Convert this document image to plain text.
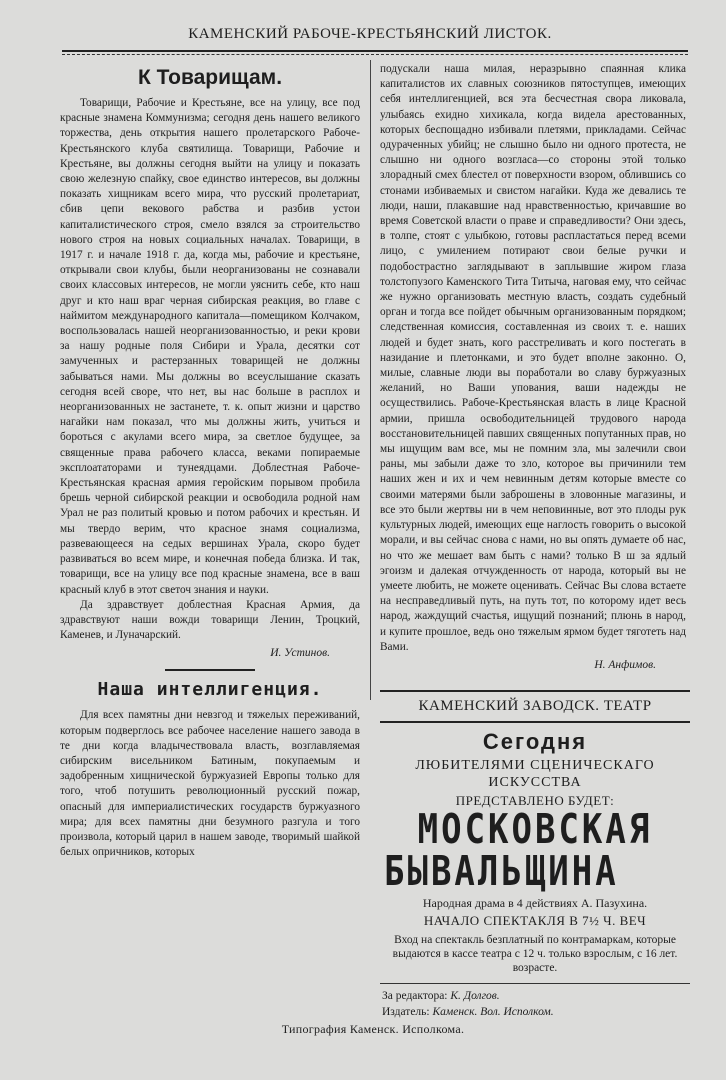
КАМЕНСКИЙ РАБОЧЕ-КРЕСТЬЯНСКИЙ ЛИСТОК.
К Товарищам.

Товарищи, Рабочие и Крестьяне, все на улицу, все под красные знамена Коммунизма; сегодня день нашего великого торжества, день открытия нашего пролетарского Рабоче-Крестьянского клуба святилища. Товарищи, Рабочие и Крестьяне, вы должны сегодня выйти на улицу и показать свою железную спайку, свое единство интересов, вы должны показать хищникам всего мира, что русский пролетариат, сбив цепи векового рабства и разбив устои капиталистического строя, смело взялся за строительство нового строя на новых социальных началах. Товарищи, в 1917 г. и начале 1918 г. да, когда мы, рабочие и крестьяне, открывали свои клубы, были неорганизованы не сознавали своих классовых интересов, не могли уяснить себе, кто наш друг и кто наш враг черная сибирская реакция, во главе с наймитом международного капитала—помещиком Колчаком, воспользовалась нашей неорганизованностью, и реки крови за нашу родные поля Сибири и Урала, десятки сот замученных и растерзанных товарищей не должны забываться нами. Мы должны во всеуслышание сказать сегодня всей своре, что нет, вы нас больше в расплох и неорганизованных не застанете, т. к. опыт жизни и царство нагайки нам показал, что мы должны жить, учиться и бороться с акулами всего мира, за светлое будущее, за священные права рабочего класса, веками попираемые эксплоататорами и тунеядцами. Доблестная Рабоче-Крестьянская красная армия геройским порывом пробила брешь черной сибирской реакции и освободила родной нам Урал не раз политый кровью и потом рабочих и крестьян. И мы твердо верим, что красное знамя социализма, развевающееся на седых вершинах Урала, скоро будет развиваться во всем мире, и конечная победа близка. И так, товарищи, все на улицу все под красные знамена, все в ваш красный клуб в этот светоч знания и науки.

Да здравствует доблестная Красная Армия, да здравствуют наши вожди товарищи Ленин, Троцкий, Каменев, и Луначарский.

И. Устинов.
Наша интеллигенция.

Для всех памятны дни невзгод и тяжелых переживаний, которым подверглось все рабочее население нашего завода в те дни когда владычествовала власть, возглавляемая сибирским висельником Батиным, покупаемым и задобренным хищнической буржуазией Европы только для того, чтоб потушить революционный русский пожар, опасный для империалистических государств буржуазного мира; для всех памятны дни безумного разгула и того произвола, который царил в нашем заводе, творимый шайкой белых опричников, которых

подускали наша милая, неразрывно спаянная клика капиталистов их славных союзников пятоступцев, имеющих себя интеллигенцией, вся эта бесчестная свора ликовала, улыбаясь ехидно хихикала, когда видела арестованных, которых беспощадно избивали плетями, прикладами. Сейчас одураченных убийц; не слышно было ни одного протеста, не слышно ни одного возгласа—со стороны этой только злорадный смех блестел от поверхности взором, облившись со стонами избиваемых и свистом нагайки. Куда же девались те люди, наши, плакавшие над нравственностью, кричавшие во время Советской власти о праве и справедливости? Они здесь, в толпе, стоят с улыбкою, готовы распластаться перед всеми лицо, с умилением потирают свои белые ручки и подобострастно заглядывают в заплывшие жиром глаза толстопузого Каменского Тита Титыча, наговая ему, что сейчас же нужно организовать местную власть, создать судебный орган и тогда все пойдет обычным организованным порядком; следственная комиссия, составленная из своих т. е. наших людей и будет знать, кого расстреливать и кого постегать в назидание и плетонками, и это будет вполне законно. О, милые, славные люди вы поработали во славу буржуазных желаний, но Ваши упования, ваши надежды не осуществились. Рабоче-Крестьянская власть в лице Красной армии, пришла освободительницей трудового народа восстановительницей павших священных попутанных прав, но мы ищущим вам все, мы не помним зла, мы залечили свои раны, мы забыли даже то зло, которое вы причинили тем наших жен и их и чем невинным детям которые вместе со своими матерями были заброшены в зловонные магазины, и все это были жертвы ни в чем неповинные, вот это плоды рук культурных людей, имеющих еще наглость говорить о высокой морали, и вы сейчас снова с нами, но вы опять думаете об нас, но что же мешает вам быть с нами? только В ш за ядлый эгоизм и далекая отчужденность от народа, который вы не умеете любить, не можете оценивать. Сейчас Вы слова встаете на несправедливый путь, на путь тот, по которому идет весь народ, жаждущий счастья, ищущий познаний; плюнь в народ, и купите прошлое, ведь оно тяжелым ярмом будет тяготеть над Вами.

Н. Анфимов.
КАМЕНСКИЙ ЗАВОДСК. ТЕАТР
Сегодня

ЛЮБИТЕЛЯМИ СЦЕНИЧЕСКАГО ИСКУССТВА

ПРЕДСТАВЛЕНО БУДЕТ:
МОСКОВСКАЯ
БЫВАЛЬЩИНА
Народная драма в 4 действиях А. Пазухина.
НАЧАЛО СПЕКТАКЛЯ В 7½ Ч. ВЕЧ

Вход на спектакль безплатный по контрамаркам, которые выдаются в кассе театра с 12 ч. только взрослым, с 16 лет. возрасте.

За редактора: К. Долгов.
Издатель: Каменск. Вол. Исполком.
Типография Каменск. Исполкома.
